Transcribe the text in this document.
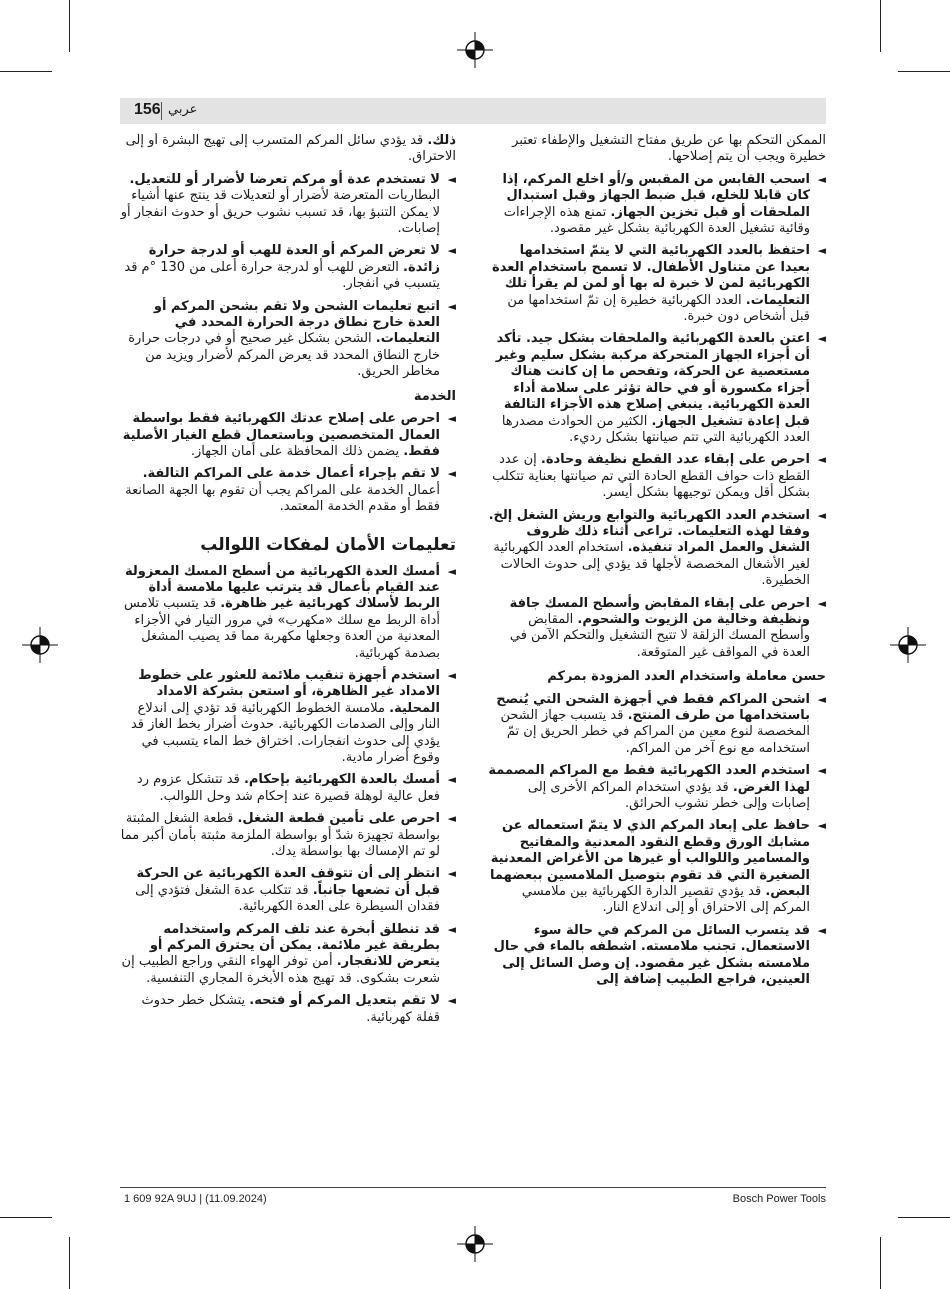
156 عربي
الممكن التحكم بها عن طريق مفتاح التشغيل والإطفاء تعتبر خطيرة ويجب أن يتم إصلاحها.
◄
اسحب القابس من المقبس و/أو اخلع المركم، إذا كان قابلا للخلع، قبل ضبط الجهاز وقبل استبدال الملحقات أو قبل تخزين الجهاز. تمنع هذه الإجراءات وقائية تشغيل العدة الكهربائية بشكل غير مقصود.
◄
احتفظ بالعدد الكهربائية التي لا يتمّ استخدامها بعيدا عن متناول الأطفال. لا تسمح باستخدام العدة الكهربائية لمن لا خبرة له بها أو لمن لم يقرأ تلك التعليمات. العدد الكهربائية خطيرة إن تمّ استخدامها من قبل أشخاص دون خبرة.
◄
اعتن بالعدة الكهربائية والملحقات بشكل جيد. تأكد أن أجزاء الجهاز المتحركة مركبة بشكل سليم وغير مستعصية عن الحركة، وتفحص ما إن كانت هناك أجزاء مكسورة أو في حالة تؤثر على سلامة أداء العدة الكهربائية. ينبغي إصلاح هذه الأجزاء التالفة قبل إعادة تشغيل الجهاز. الكثير من الحوادث مصدرها العدد الكهربائية التي تتم صيانتها بشكل رديء.
◄
احرص على إبقاء عدد القطع نظيفة وحادة. إن عدد القطع ذات حواف القطع الحادة التي تم صيانتها بعناية تتكلب بشكل أقل ويمكن توجيهها بشكل أيسر.
◄
استخدم العدد الكهربائية والتوابع وريش الشغل إلخ. وفقا لهذه التعليمات. تراعى أثناء ذلك ظروف الشغل والعمل المراد تنفيذه. استخدام العدد الكهربائية لغير الأشغال المخصصة لأجلها قد يؤدي إلى حدوث الحالات الخطيرة.
◄
احرص على إبقاء المقابض وأسطح المسك جافة ونظيفة وخالية من الزيوت والشحوم. المقابض وأسطح المسك الزلقة لا تتيح التشغيل والتحكم الآمن في العدة في المواقف غير المتوقعة.
حسن معاملة واستخدام العدد المزودة بمركم
◄
اشحن المراكم فقط في أجهزة الشحن التي يُنصح باستخدامها من طرف المنتج. قد يتسبب جهاز الشحن المخصصة لنوع معين من المراكم في خطر الحريق إن تمّ استخدامه مع نوع آخر من المراكم.
◄
استخدم العدد الكهربائية فقط مع المراكم المصممة لهذا الغرض. قد يؤدي استخدام المراكم الأخرى إلى إصابات وإلى خطر نشوب الحرائق.
◄
حافظ على إبعاد المركم الذي لا يتمّ استعماله عن مشابك الورق وقطع النقود المعدنية والمفاتيح والمسامير واللوالب أو غيرها من الأغراض المعدنية الصغيرة التي قد تقوم بتوصيل الملامسين ببعضهما البعض. قد يؤدي تقصير الدارة الكهربائية بين ملامسي المركم إلى الاحتراق أو إلى اندلاع النار.
◄
قد يتسرب السائل من المركم في حالة سوء الاستعمال. تجنب ملامسته. اشطفه بالماء في حال ملامسته بشكل غير مقصود. إن وصل السائل إلى العينين، فراجع الطبيب إضافة إلى
ذلك. قد يؤدي سائل المركم المتسرب إلى تهيج البشرة أو إلى الاحتراق.
◄
لا تستخدم عدة أو مركم تعرضا لأضرار أو للتعديل. البطاريات المتعرضة لأضرار أو لتعديلات قد ينتج عنها أشياء لا يمكن التنبؤ بها، قد تسبب نشوب حريق أو حدوث انفجار أو إصابات.
◄
لا تعرض المركم أو العدة للهب أو لدرجة حرارة زائدة. التعرض للهب أو لدرجة حرارة أعلى من 130 °م قد يتسبب في انفجار.
◄
اتبع تعليمات الشحن ولا تقم بشحن المركم أو العدة خارج نطاق درجة الحرارة المحدد في التعليمات. الشحن بشكل غير صحيح أو في درجات حرارة خارج النطاق المحدد قد يعرض المركم لأضرار ويزيد من مخاطر الحريق.
الخدمة
◄
احرص على إصلاح عدتك الكهربائية فقط بواسطة العمال المتخصصين وباستعمال قطع الغيار الأصلية فقط. يضمن ذلك المحافظة على أمان الجهاز.
◄
لا تقم بإجراء أعمال خدمة على المراكم التالفة. أعمال الخدمة على المراكم يجب أن تقوم بها الجهة الصانعة فقط أو مقدم الخدمة المعتمد.
تعليمات الأمان لمفكات اللوالب
◄
أمسك العدة الكهربائية من أسطح المسك المعزولة عند القيام بأعمال قد يترتب عليها ملامسة أداة الربط لأسلاك كهربائية غير ظاهرة. قد يتسبب تلامس أداة الربط مع سلك «مكهرب» في مرور التيار في الأجزاء المعدنية من العدة وجعلها مكهربة مما قد يصيب المشغل بصدمة كهربائية.
◄
استخدم أجهزة تنقيب ملائمة للعثور على خطوط الامداد غير الظاهرة، أو استعن بشركة الامداد المحلية. ملامسة الخطوط الكهربائية قد تؤدي إلى اندلاع النار وإلى الصدمات الكهربائية. حدوث أضرار بخط الغاز قد يؤدي إلى حدوث انفجارات. اختراق خط الماء يتسبب في وقوع أضرار مادية.
◄
أمسك بالعدة الكهربائية بإحكام. قد تتشكل عزوم رد فعل عالية لوهلة قصيرة عند إحكام شد وحل اللوالب.
◄
احرص على تأمين قطعة الشغل. قطعة الشغل المثبتة بواسطة تجهيزة شدّ أو بواسطة الملزمة مثبتة بأمان أكبر مما لو تم الإمساك بها بواسطة يدك.
◄
انتظر إلى أن تتوقف العدة الكهربائية عن الحركة قبل أن تضعها جانباً. قد تتكلب عدة الشغل فتؤدي إلى فقدان السيطرة على العدة الكهربائية.
◄
قد تنطلق أبخرة عند تلف المركم واستخدامه بطريقة غير ملائمة. يمكن أن يحترق المركم أو يتعرض للانفجار. أمن توفر الهواء النقي وراجع الطبيب إن شعرت بشكوى. قد تهيج هذه الأبخرة المجاري التنفسية.
◄
لا تقم بتعديل المركم أو فتحه. يتشكل خطر حدوث قفلة كهربائية.
1 609 92A 9UJ | (11.09.2024)	Bosch Power Tools
